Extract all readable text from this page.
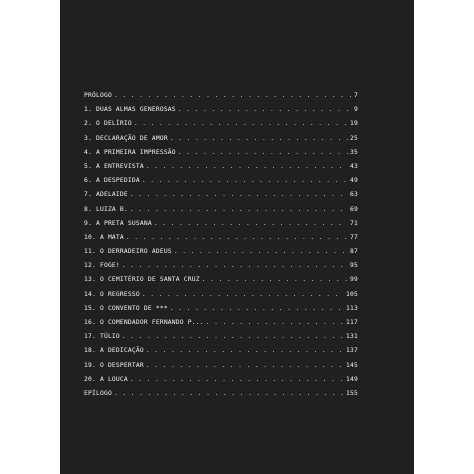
PRÓLOGO . . .	7
1. DUAS ALMAS GENEROSAS . . .	9
2. O DELÍRIO . . .	19
3. DECLARAÇÃO DE AMOR . . .	25
4. A PRIMEIRA IMPRESSÃO . . .	35
5. A ENTREVISTA . . .	43
6. A DESPEDIDA . . .	49
7. ADELAIDE . . .	63
8. LUIZA B. . . .	69
9. A PRETA SUSANA . . .	71
10. A MATA . . .	77
11. O DERRADEIRO ADEUS . . .	87
12. FOGE! . . .	95
13. O CEMITÉRIO DE SANTA CRUZ . . .	99
14. O REGRESSO . . .	105
15. O CONVENTO DE *** . . .	113
16. O COMENDADOR FERNANDO P... . . .	117
17. TÚLIO . . .	131
18. A DEDICAÇÃO . . .	137
19. O DESPERTAR . . .	145
20. A LOUCA . . .	149
EPÍLOGO . . .	155
